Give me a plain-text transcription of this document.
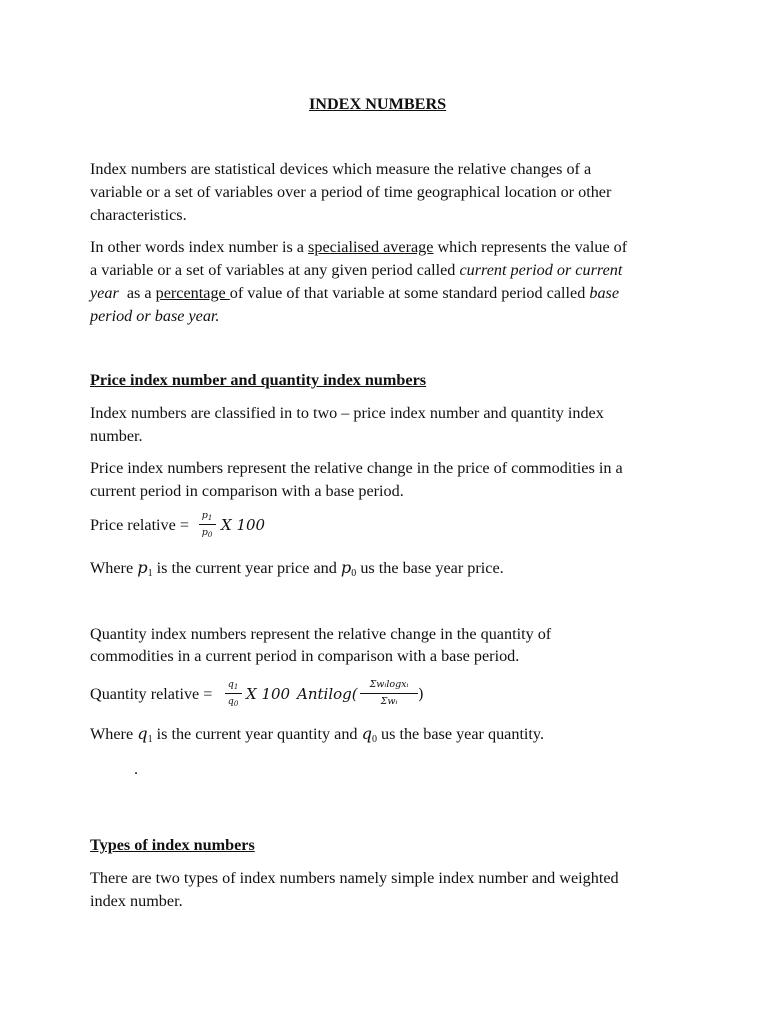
INDEX NUMBERS
Index numbers are statistical devices which measure the relative changes of a
variable or a set of variables over a period of time geographical location or other
characteristics.
In other words index number is a specialised average which represents the value of
a variable or a set of variables at any given period called current period or current
year  as a percentage of value of that variable at some standard period called base
period or base year.
Price index number and quantity index numbers
Index numbers are classified in to two – price index number and quantity index
number.
Price index numbers represent the relative change in the price of commodities in a
current period in comparison with a base period.
Price relative =
$p_1$
$p_0$
X 100
Where $p_1$ is the current year price and $p_0$ us the base year price.
Quantity index numbers represent the relative change in the quantity of
commodities in a current period in comparison with a base period.
Quantity relative =
$q_1$
$q_0$
X 100 Antilog(
Σwᵢlogxᵢ
Σwᵢ	)
Where $q_1$ is the current year quantity and $q_0$ us the base year quantity.
.
Types of index numbers
There are two types of index numbers namely simple index number and weighted
index number.
